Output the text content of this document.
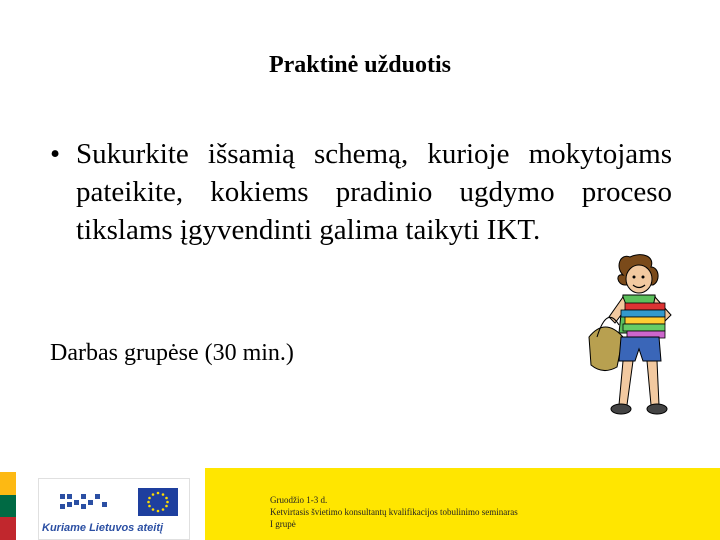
Praktinė užduotis
• Sukurkite išsamią schemą, kurioje mokytojams pateikite, kokiems pradinio ugdymo proceso tikslams įgyvendinti galima taikyti IKT.
Darbas grupėse (30 min.)
Kuriame Lietuvos ateitį
Gruodžio 1-3 d.
Ketvirtasis švietimo konsultantų kvalifikacijos tobulinimo seminaras
I grupė
